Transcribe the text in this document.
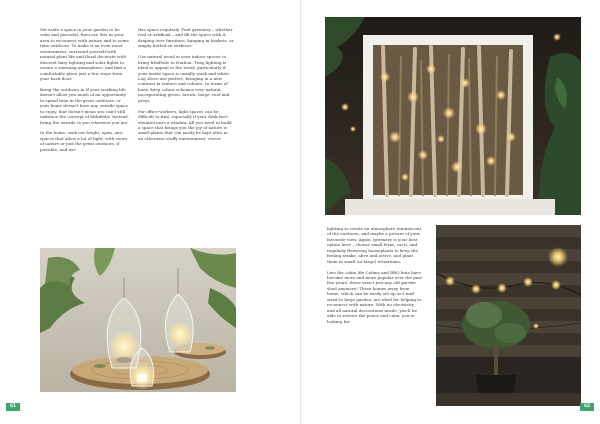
Set aside a space in your garden to be calm and peaceful, then use this as your area to reconnect with nature and to some time outdoors. To make it an even nicer environment, surround yourself with natural plant life and floral decorate with discreet fairy lighting and solar lights to create a warming atmosphere, and find a comfortable place just a few steps from your back door.

Bring the outdoors in If your working life doesn't allow you much of an opportunity to spend time in the great outdoors, or your home doesn't have any outside space to enjoy, that doesn't mean you can't still embrace the concept of hitluftsliv. Instead, bring the outside to you wherever you are.

In the home, seek out bright, open, airy spaces that allow a lot of light, with views of nature or just the great outdoors, if possible, and use

this space regularly. Find greenery – whether real or artificial – and fill the space with it, draping over furniture, hanging in baskets, or simply dotted on surfaces.

Use natural wood in your indoor spaces to bring friluftsliv to fruition. Twig lighting is ideal to appeal to the trend, particularly if your inside space is usually stark and white. Log slices are perfect, bringing in a new contrast in texture and colours. In terms of hues, keep colour schemes very natural, incorporating green, brown, beige, rust and greys.

For office-workers, light spaces can be difficult to find, especially if your desk isn't situated near a window. All you need to build a space that brings you the joy of nature is small plants that can easily be kept alive in an otherwise stuffy environment, clever

61

lighting to create an atmosphere reminiscent of the outdoors, and maybe a picture of your favourite view. Again, greenery is your best option here – choose small ferns, cacti, and regularly flowering houseplants to keep the feeling awake, alive and active, and plant them in small (or large) terrariums.

Live the cabin life Cabins and BBQ huts have become more and more popular over the past few years: these aren't just any old garden shed anymore! These homes away from home, which can be easily set up in a mid-sized to large garden, are ideal for helping to reconnect with nature. With no electricity and all natural decorations inside, you'll be able to restore the peace and calm, you're looking for.

62
